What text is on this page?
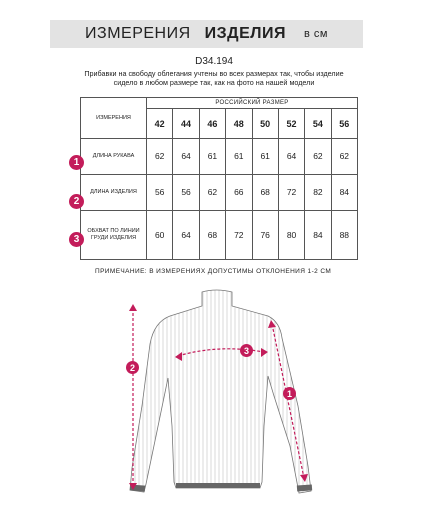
ИЗМЕРЕНИЯ ИЗДЕЛИЯ в см
D34.194
Прибавки на свободу облегания учтены во всех размерах так, чтобы изделие сидело в любом размере так, как на фото на нашей модели
ИЗМЕРЕНИЯ	РОССИЙСКИЙ РАЗМЕР							
	42	44	46	48	50	52	54	56
ДЛИНА РУКАВА	62	64	61	61	61	64	62	62
ДЛИНА ИЗДЕЛИЯ	56	56	62	66	68	72	82	84
ОБХВАТ ПО ЛИНИИ ГРУДИ ИЗДЕЛИЯ	60	64	68	72	76	80	84	88
1
2
3
ПРИМЕЧАНИЕ: В ИЗМЕРЕНИЯХ ДОПУСТИМЫ ОТКЛОНЕНИЯ 1-2 СМ
2
3
1
